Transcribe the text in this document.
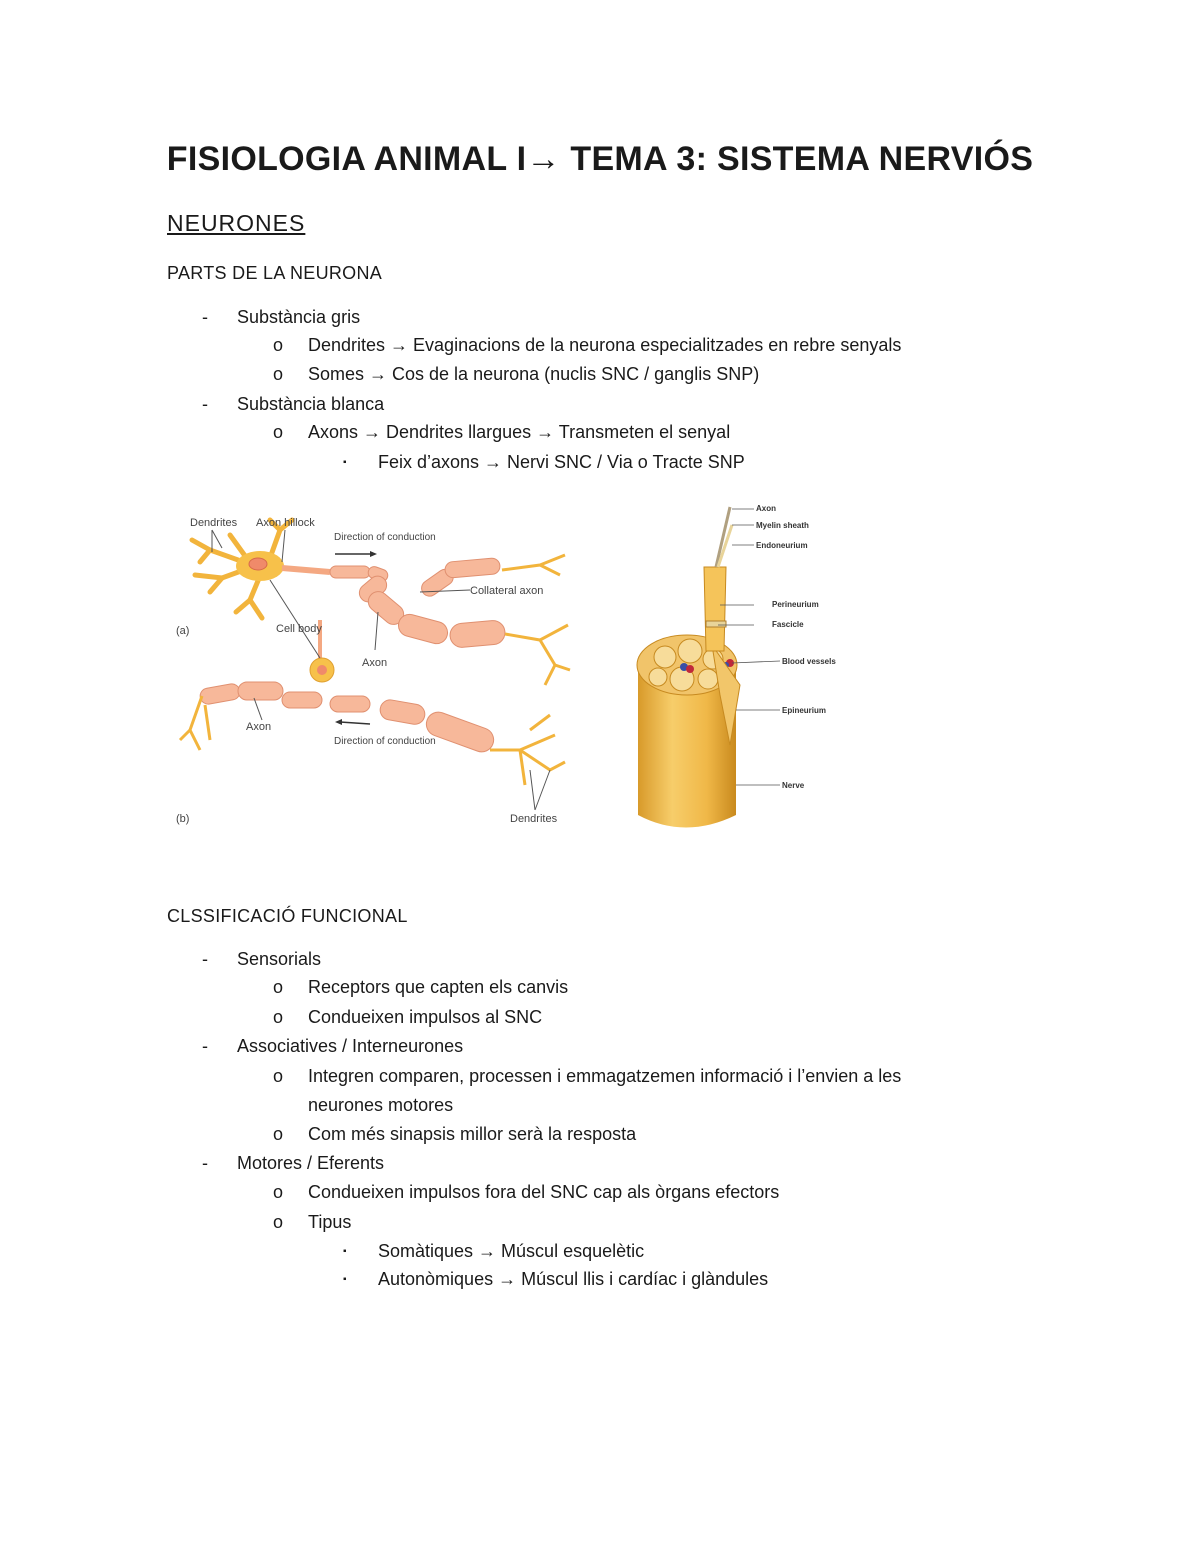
FISIOLOGIA ANIMAL I→ TEMA 3: SISTEMA NERVIÓS
NEURONES
PARTS DE LA NEURONA
- Substància gris
o Dendrites → Evaginacions de la neurona especialitzades en rebre senyals
o Somes → Cos de la neurona (nuclis SNC / ganglis SNP)
- Substància blanca
o Axons → Dendrites llargues → Transmeten el senyal
▪ Feix d’axons → Nervi SNC / Via o Tracte SNP
Dendrites Axon hillock
Direction of conduction
Collateral axon
(a)	Cell body
Axon
Axon
Direction of conduction
(b)	Dendrites
Axon
Myelin sheath
Endoneurium
Perineurium
Fascicle
Blood vessels
Epineurium
Nerve
CLSSIFICACIÓ FUNCIONAL
- Sensorials
o Receptors que capten els canvis
o Condueixen impulsos al SNC
- Associatives / Interneurones
o Integren comparen, processen i emmagatzemen informació i l’envien a les
neurones motores
o Com més sinapsis millor serà la resposta
- Motores / Eferents
o Condueixen impulsos fora del SNC cap als òrgans efectors
o Tipus
▪ Somàtiques → Múscul esquelètic
▪ Autonòmiques → Múscul llis i cardíac i glàndules
